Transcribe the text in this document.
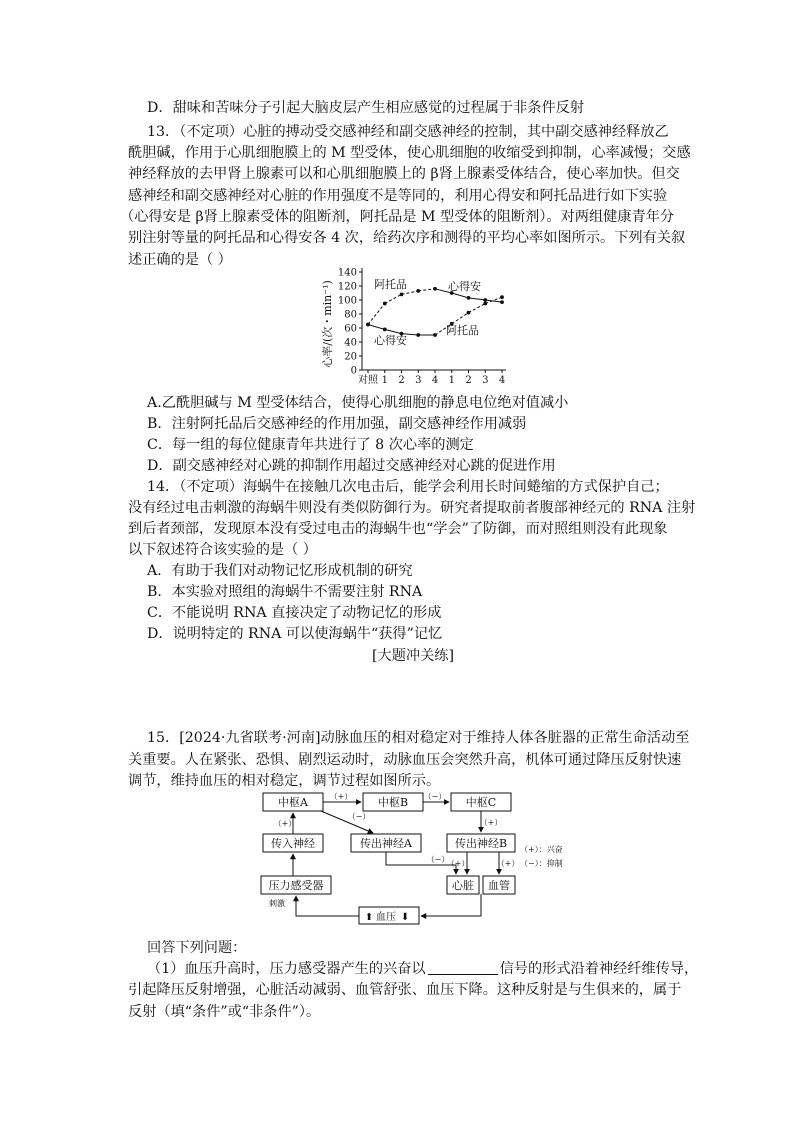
D．甜味和苦味分子引起大脑皮层产生相应感觉的过程属于非条件反射
13．（不定项）心脏的搏动受交感神经和副交感神经的控制，其中副交感神经释放乙
酰胆碱，作用于心肌细胞膜上的 M 型受体，使心肌细胞的收缩受到抑制，心率减慢；交感
神经释放的去甲肾上腺素可以和心肌细胞膜上的 β肾上腺素受体结合，使心率加快。但交
感神经和副交感神经对心脏的作用强度不是等同的，利用心得安和阿托品进行如下实验
（心得安是 β肾上腺素受体的阻断剂，阿托品是 M 型受体的阻断剂）。对两组健康青年分
别注射等量的阿托品和心得安各 4 次，给药次序和测得的平均心率如图所示。下列有关叙
述正确的是（ ）
心率/(次・min⁻¹)
0
20
40
60
80
100
120
140
对照 1 2 3 4 1 2 3 4
阿托品	心得安
心得安
阿托品
A.乙酰胆碱与 M 型受体结合，使得心肌细胞的静息电位绝对值减小
B．注射阿托品后交感神经的作用加强，副交感神经作用减弱
C．每一组的每位健康青年共进行了 8 次心率的测定
D．副交感神经对心跳的抑制作用超过交感神经对心跳的促进作用
14．（不定项）海蜗牛在接触几次电击后，能学会利用长时间蜷缩的方式保护自己；
没有经过电击刺激的海蜗牛则没有类似防御行为。研究者提取前者腹部神经元的 RNA 注射
到后者颈部，发现原本没有受过电击的海蜗牛也“学会”了防御，而对照组则没有此现象
以下叙述符合该实验的是（ ）
A．有助于我们对动物记忆形成机制的研究
B．本实验对照组的海蜗牛不需要注射 RNA
C．不能说明 RNA 直接决定了动物记忆的形成
D．说明特定的 RNA 可以使海蜗牛“获得”记忆
[大题冲关练]
15．[2024·九省联考·河南]动脉血压的相对稳定对于维持人体各脏器的正常生命活动至
关重要。人在紧张、恐惧、剧烈运动时，动脉血压会突然升高，机体可通过降压反射快速
调节，维持血压的相对稳定，调节过程如图所示。
中枢A	中枢B	中枢C
传入神经	传出神经A	传出神经B
压力感受器	心脏 血管
⬆ 血压 ⬇
（+）	（−）
（−）
（+）	（+）
（−）
（+）	（+）
刺激
（+）：兴奋
（−）：抑制
回答下列问题：
（1）血压升高时，压力感受器产生的兴奋以	信号的形式沿着神经纤维传导，
引起降压反射增强，心脏活动减弱、血管舒张、血压下降。这种反射是与生俱来的，属于
反射（填“条件”或“非条件”）。
